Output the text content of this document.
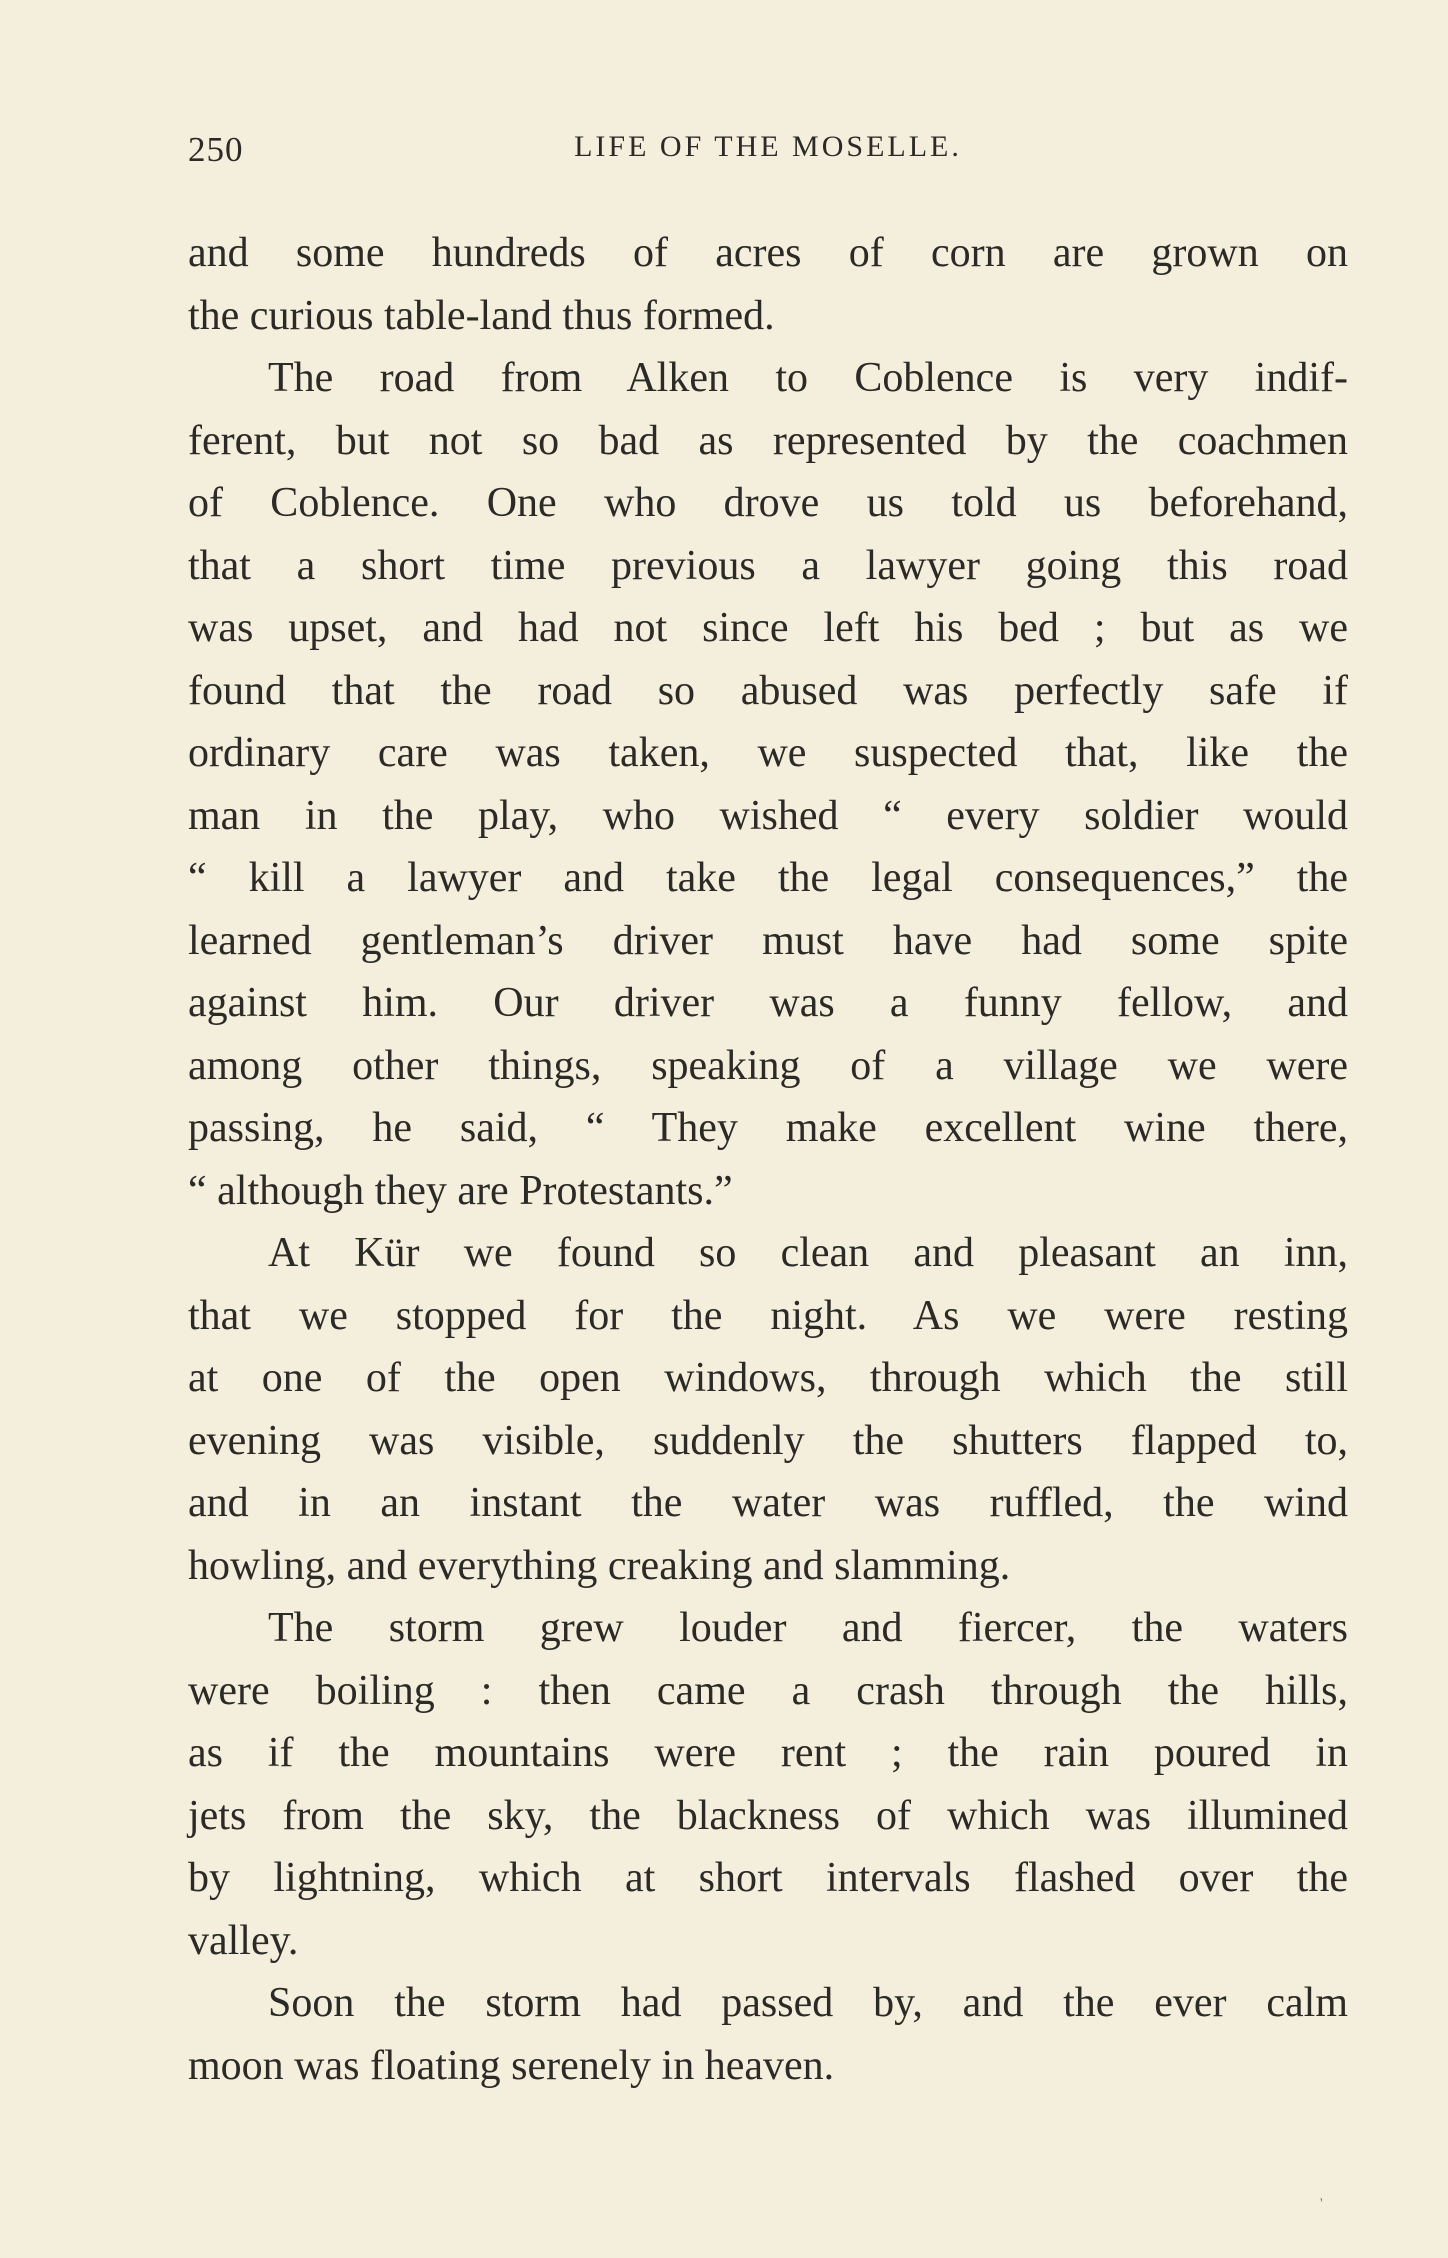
250	LIFE OF THE MOSELLE.
and some hundreds of acres of corn are grown on
the curious table-land thus formed.
The road from Alken to Coblence is very indif-
ferent, but not so bad as represented by the coachmen
of Coblence. One who drove us told us beforehand,
that a short time previous a lawyer going this road
was upset, and had not since left his bed ; but as we
found that the road so abused was perfectly safe if
ordinary care was taken, we suspected that, like the
man in the play, who wished “ every soldier would
“ kill a lawyer and take the legal consequences,” the
learned gentleman’s driver must have had some spite
against him. Our driver was a funny fellow, and
among other things, speaking of a village we were
passing, he said, “ They make excellent wine there,
“ although they are Protestants.”
At Kür we found so clean and pleasant an inn,
that we stopped for the night. As we were resting
at one of the open windows, through which the still
evening was visible, suddenly the shutters flapped to,
and in an instant the water was ruffled, the wind
howling, and everything creaking and slamming.
The storm grew louder and fiercer, the waters
were boiling : then came a crash through the hills,
as if the mountains were rent ; the rain poured in
jets from the sky, the blackness of which was illumined
by lightning, which at short intervals flashed over the
valley.
Soon the storm had passed by, and the ever calm
moon was floating serenely in heaven.
˴
